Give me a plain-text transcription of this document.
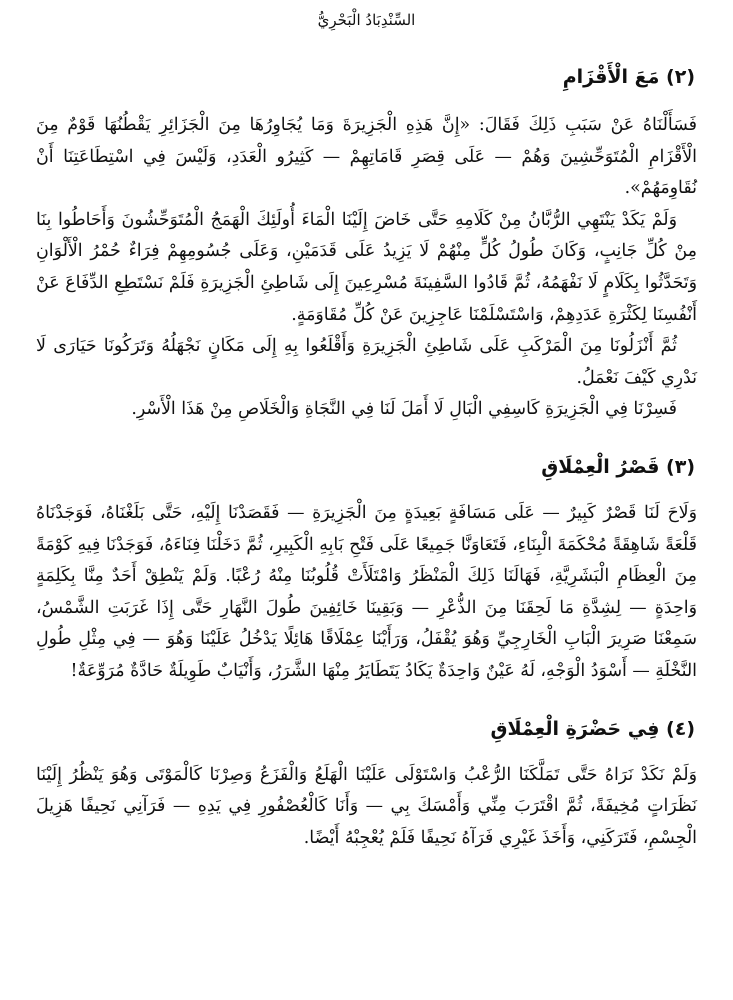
السِّنْدِبَادُ الْبَحْرِيُّ
(٢) مَعَ الْأَقْزَامِ

فَسَأَلْنَاهُ عَنْ سَبَبِ ذَلِكَ فَقَالَ: «إِنَّ هَذِهِ الْجَزِيرَةَ وَمَا يُجَاوِرُهَا مِنَ الْجَزَائِرِ يَقْطُنُهَا قَوْمٌ مِنَ الْأَقْزَامِ الْمُتَوَحِّشِينَ وَهُمْ — عَلَى قِصَرِ قَامَاتِهِمْ — كَثِيرُو الْعَدَدِ، وَلَيْسَ فِي اسْتِطَاعَتِنَا أَنْ نُقَاوِمَهُمْ».

وَلَمْ يَكَدْ يَنْتَهِي الرُّبَّانُ مِنْ كَلَامِهِ حَتَّى خَاضَ إِلَيْنَا الْمَاءَ أُولَئِكَ الْهَمَجُ الْمُتَوَحِّشُونَ وَأَحَاطُوا بِنَا مِنْ كُلِّ جَانِبٍ، وَكَانَ طُولُ كُلٍّ مِنْهُمْ لَا يَزِيدُ عَلَى قَدَمَيْنِ، وَعَلَى جُسُومِهِمْ فِرَاءٌ حُمْرُ الْأَلْوَانِ وَتَحَدَّثُوا بِكَلَامٍ لَا نَفْهَمُهُ، ثُمَّ قَادُوا السَّفِينَةَ مُسْرِعِينَ إِلَى شَاطِئِ الْجَزِيرَةِ فَلَمْ نَسْتَطِعِ الدِّفَاعَ عَنْ أَنْفُسِنَا لِكَثْرَةِ عَدَدِهِمْ، وَاسْتَسْلَمْنَا عَاجِزِينَ عَنْ كُلِّ مُقَاوَمَةٍ.

ثُمَّ أَنْزَلُونَا مِنَ الْمَرْكَبِ عَلَى شَاطِئِ الْجَزِيرَةِ وَأَقْلَعُوا بِهِ إِلَى مَكَانٍ نَجْهَلُهُ وَتَرَكُونَا حَيَارَى لَا نَدْرِي كَيْفَ نَعْمَلُ.

فَسِرْنَا فِي الْجَزِيرَةِ كَاسِفِي الْبَالِ لَا أَمَلَ لَنَا فِي النَّجَاةِ وَالْخَلَاصِ مِنْ هَذَا الْأَسْرِ.

(٣) قَصْرُ الْعِمْلَاقِ

وَلَاحَ لَنَا قَصْرٌ كَبِيرٌ — عَلَى مَسَافَةٍ بَعِيدَةٍ مِنَ الْجَزِيرَةِ — فَقَصَدْنَا إِلَيْهِ، حَتَّى بَلَغْنَاهُ، فَوَجَدْنَاهُ قَلْعَةً شَاهِقَةً مُحْكَمَةَ الْبِنَاءِ، فَتَعَاوَنَّا جَمِيعًا عَلَى فَتْحِ بَابِهِ الْكَبِيرِ، ثُمَّ دَخَلْنَا فِنَاءَهُ، فَوَجَدْنَا فِيهِ كَوْمَةً مِنَ الْعِظَامِ الْبَشَرِيَّةِ، فَهَالَنَا ذَلِكَ الْمَنْظَرُ وَامْتَلَأَتْ قُلُوبُنَا مِنْهُ رُعْبًا. وَلَمْ يَنْطِقْ أَحَدٌ مِنَّا بِكَلِمَةٍ وَاحِدَةٍ — لِشِدَّةِ مَا لَحِقَنَا مِنَ الذُّعْرِ — وَبَقِينَا خَائِفِينَ طُولَ النَّهَارِ حَتَّى إِذَا غَرَبَتِ الشَّمْسُ، سَمِعْنَا صَرِيرَ الْبَابِ الْخَارِجِيِّ وَهُوَ يُقْفَلُ، وَرَأَيْنَا عِمْلَاقًا هَائِلًا يَدْخُلُ عَلَيْنَا وَهُوَ — فِي مِثْلِ طُولِ النَّخْلَةِ — أَسْوَدُ الْوَجْهِ، لَهُ عَيْنٌ وَاحِدَةٌ يَكَادُ يَتَطَايَرُ مِنْهَا الشَّرَرُ، وَأَنْيَابٌ طَوِيلَةٌ حَادَّةٌ مُرَوِّعَةٌ!

(٤) فِي حَضْرَةِ الْعِمْلَاقِ

وَلَمْ نَكَدْ نَرَاهُ حَتَّى تَمَلَّكَنَا الرُّعْبُ وَاسْتَوْلَى عَلَيْنَا الْهَلَعُ وَالْفَزَعُ وَصِرْنَا كَالْمَوْتَى وَهُوَ يَنْظُرُ إِلَيْنَا نَظَرَاتٍ مُخِيفَةً، ثُمَّ اقْتَرَبَ مِنِّي وَأَمْسَكَ بِي — وَأَنَا كَالْعُصْفُورِ فِي يَدِهِ — فَرَآنِي نَحِيفًا هَزِيلَ الْجِسْمِ، فَتَرَكَنِي، وَأَخَذَ غَيْرِي فَرَآهُ نَحِيفًا فَلَمْ يُعْجِبْهُ أَيْضًا.
